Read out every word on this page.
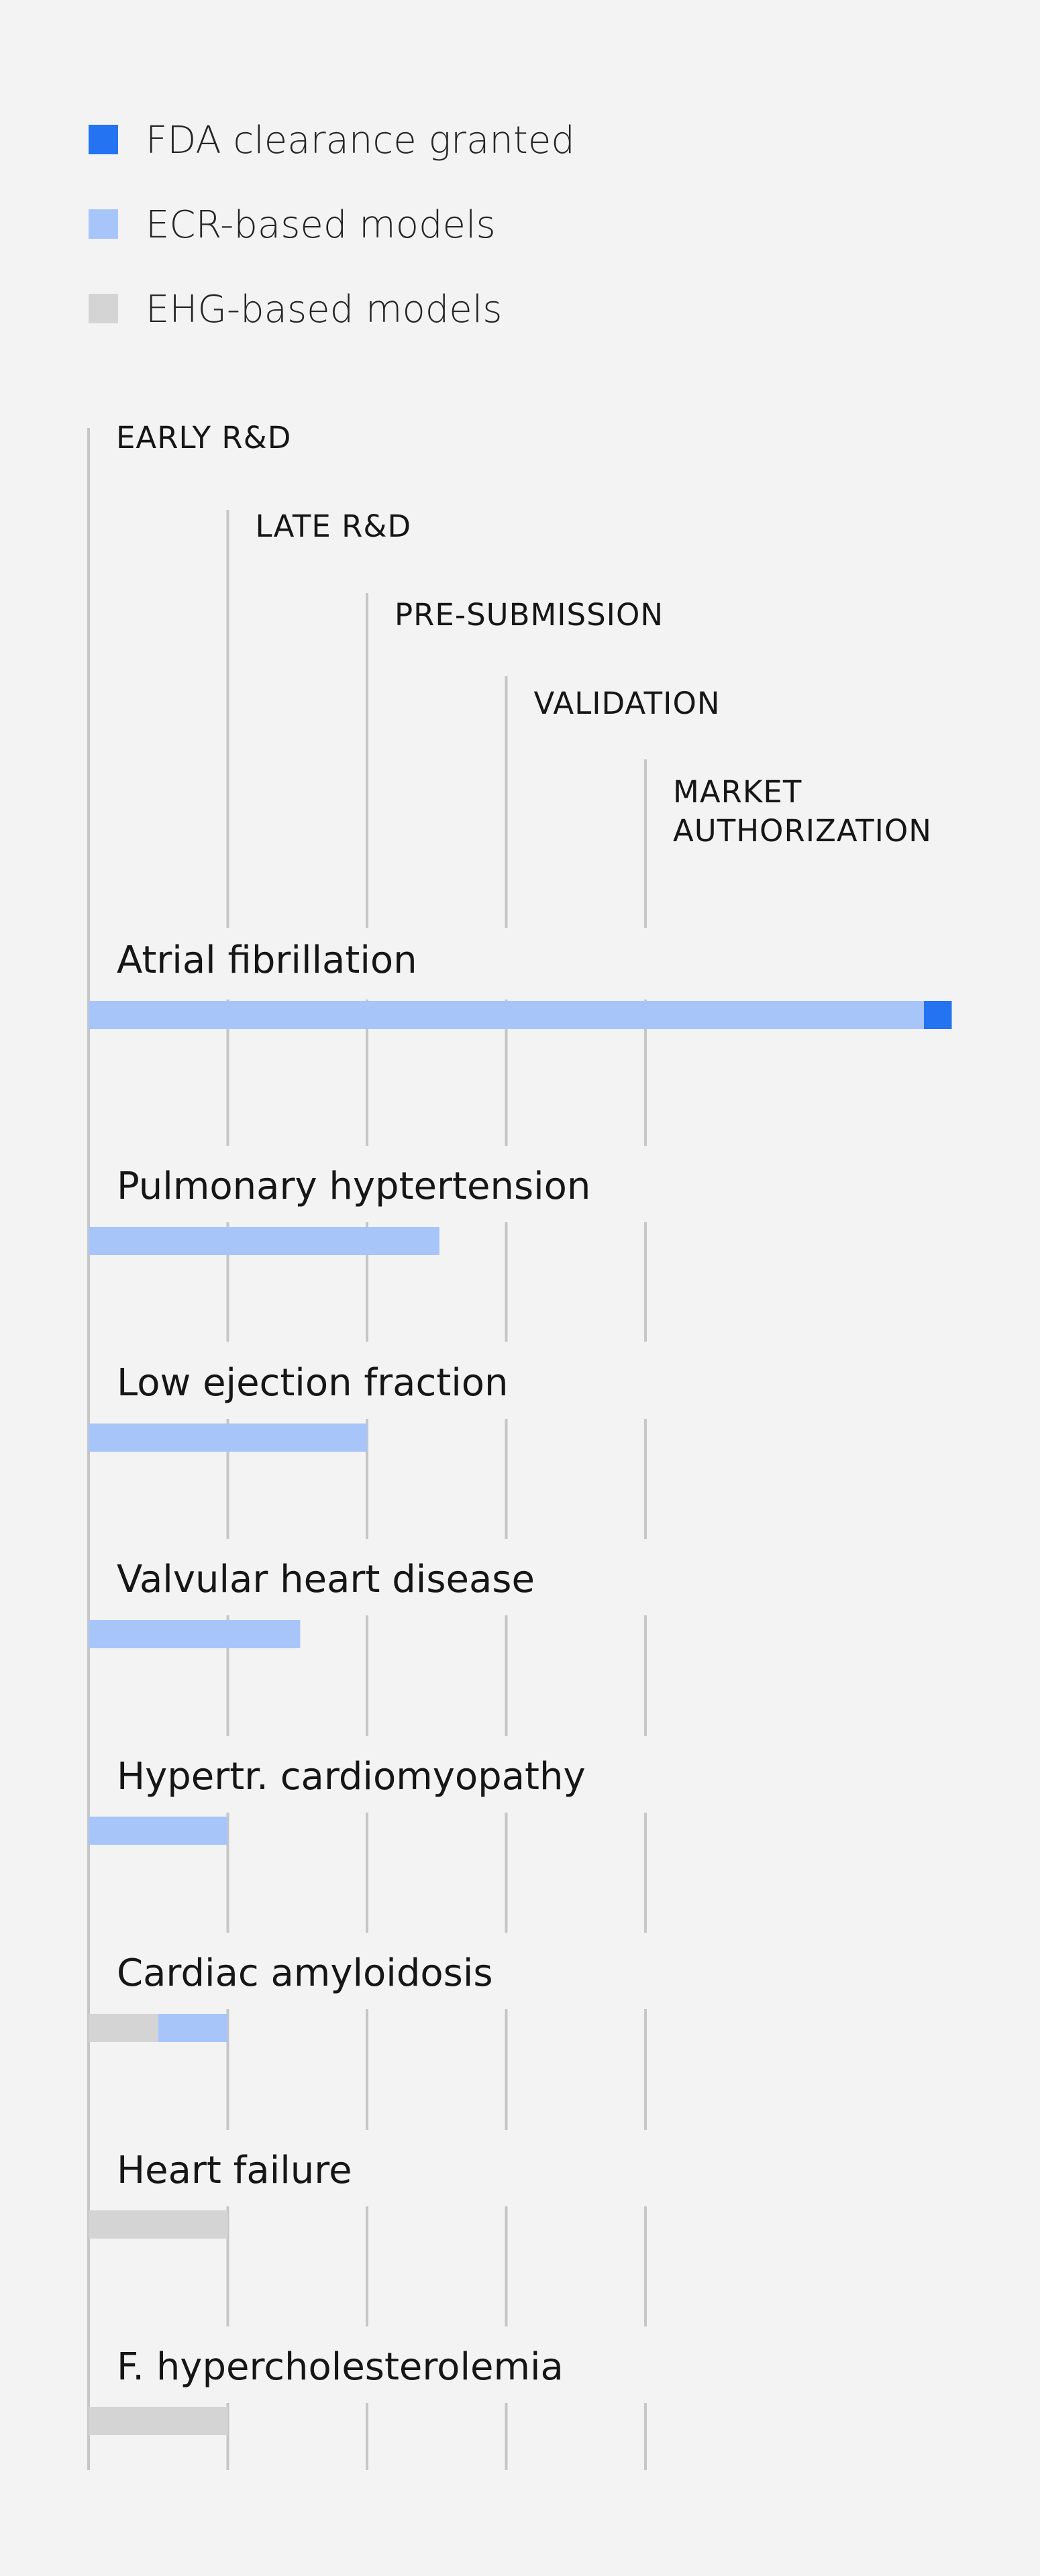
FDA clearance granted
ECR-based models
EHG-based models
EARLY R&D
LATE R&D
PRE-SUBMISSION
VALIDATION
MARKET
AUTHORIZATION
Atrial fibrillation
Pulmonary hyptertension
Low ejection fraction
Valvular heart disease
Hypertr. cardiomyopathy
Cardiac amyloidosis
Heart failure
F. hypercholesterolemia
